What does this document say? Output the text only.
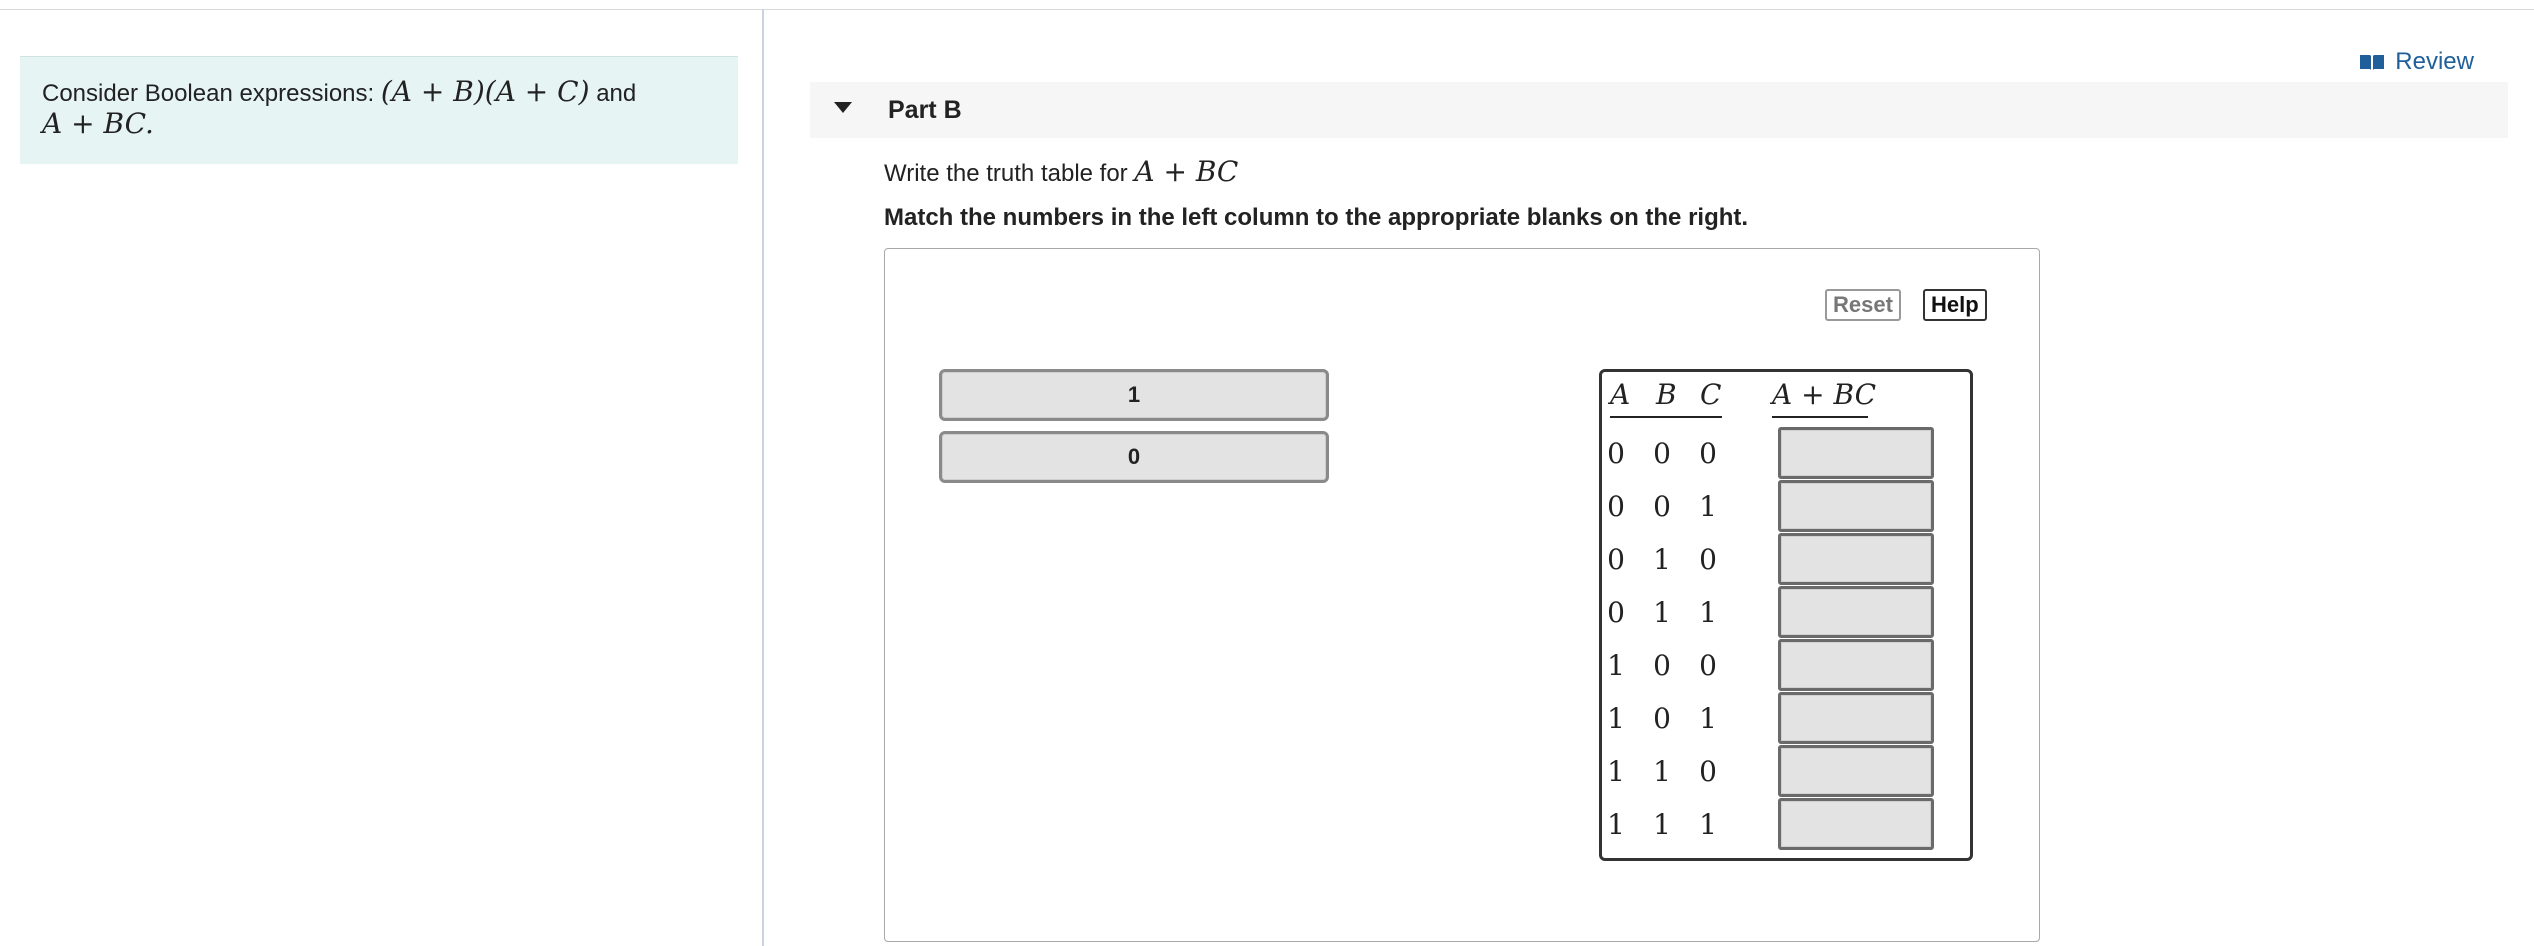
Consider Boolean expressions: (A + B)(A + C) and
A + BC.
Review
Part B
Write the truth table for A + BC
Match the numbers in the left column to the appropriate blanks on the right.
Reset	Help
1
0
A B C A + BC
0 0 0
0 0 1
0 1 0
0 1 1
1 0 0
1 0 1
1 1 0
1 1 1
